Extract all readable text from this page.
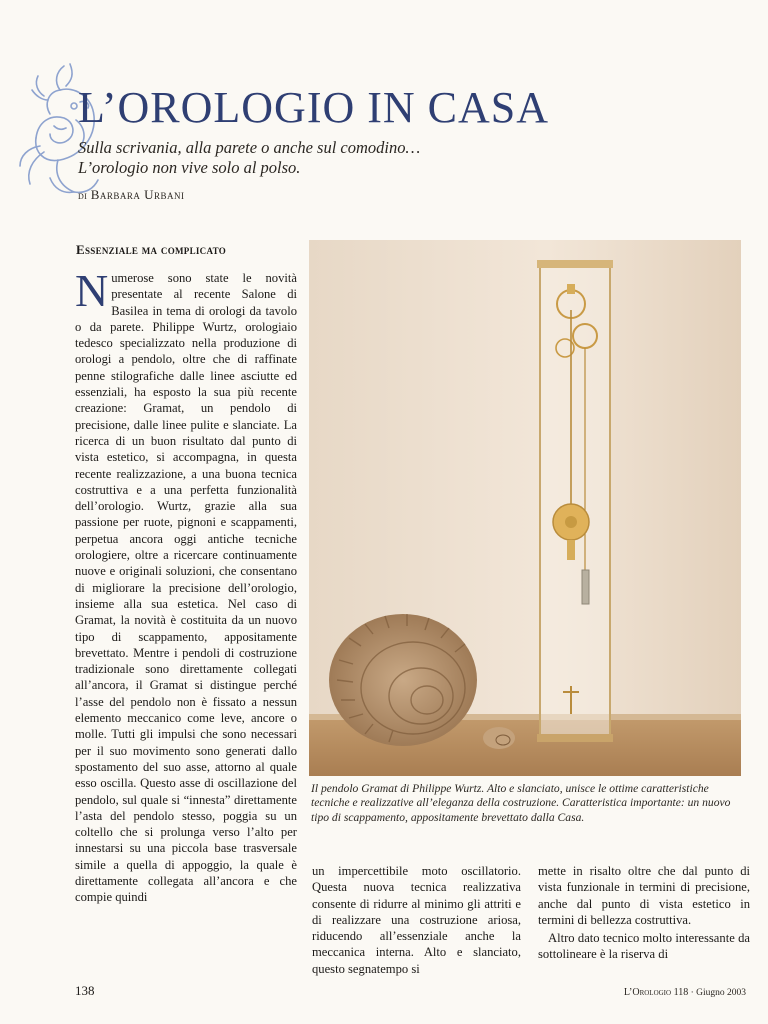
L’OROLOGIO IN CASA
Sulla scrivania, alla parete o anche sul comodino…
L’orologio non vive solo al polso.
di Barbara Urbani
Essenziale ma complicato
Numerose sono state le novità presentate al recente Salone di Basilea in tema di orologi da tavolo o da parete. Philippe Wurtz, orologiaio tedesco specializzato nella produzione di orologi a pendolo, oltre che di raffinate penne stilografiche dalle linee asciutte ed essenziali, ha esposto la sua più recente creazione: Gramat, un pendolo di precisione, dalle linee pulite e slanciate. La ricerca di un buon risultato dal punto di vista estetico, si accompagna, in questa recente realizzazione, a una buona tecnica costruttiva e a una perfetta funzionalità dell’orologio. Wurtz, grazie alla sua passione per ruote, pignoni e scappamenti, perpetua ancora oggi antiche tecniche orologiere, oltre a ricercare continuamente nuove e originali soluzioni, che consentano di migliorare la precisione dell’orologio, insieme alla sua estetica. Nel caso di Gramat, la novità è costituita da un nuovo tipo di scappamento, appositamente brevettato. Mentre i pendoli di costruzione tradizionale sono direttamente collegati all’ancora, il Gramat si distingue perché l’asse del pendolo non è fissato a nessun elemento meccanico come leve, ancore o molle. Tutti gli impulsi che sono necessari per il suo movimento sono generati dallo spostamento del suo asse, attorno al quale esso oscilla. Questo asse di oscillazione del pendolo, sul quale si “innesta” direttamente l’asta del pendolo stesso, poggia su un coltello che si prolunga verso l’alto per innestarsi su una piccola base trasversale simile a quella di appoggio, la quale è direttamente collegata all’ancora e che compie quindi
Il pendolo Gramat di Philippe Wurtz. Alto e slanciato, unisce le ottime caratteristiche tecniche e realizzative all’eleganza della costruzione. Caratteristica importante: un nuovo tipo di scappamento, appositamente brevettato dalla Casa.

un impercettibile moto oscillatorio. Questa nuova tecnica realizzativa consente di ridurre al minimo gli attriti e di realizzare una costruzione ariosa, riducendo all’essenziale anche la meccanica interna. Alto e slanciato, questo segnatempo si

mette in risalto oltre che dal punto di vista funzionale in termini di precisione, anche dal punto di vista estetico in termini di bellezza costruttiva.

Altro dato tecnico molto interessante da sottolineare è la riserva di

138	L’Orologio 118 · Giugno 2003
